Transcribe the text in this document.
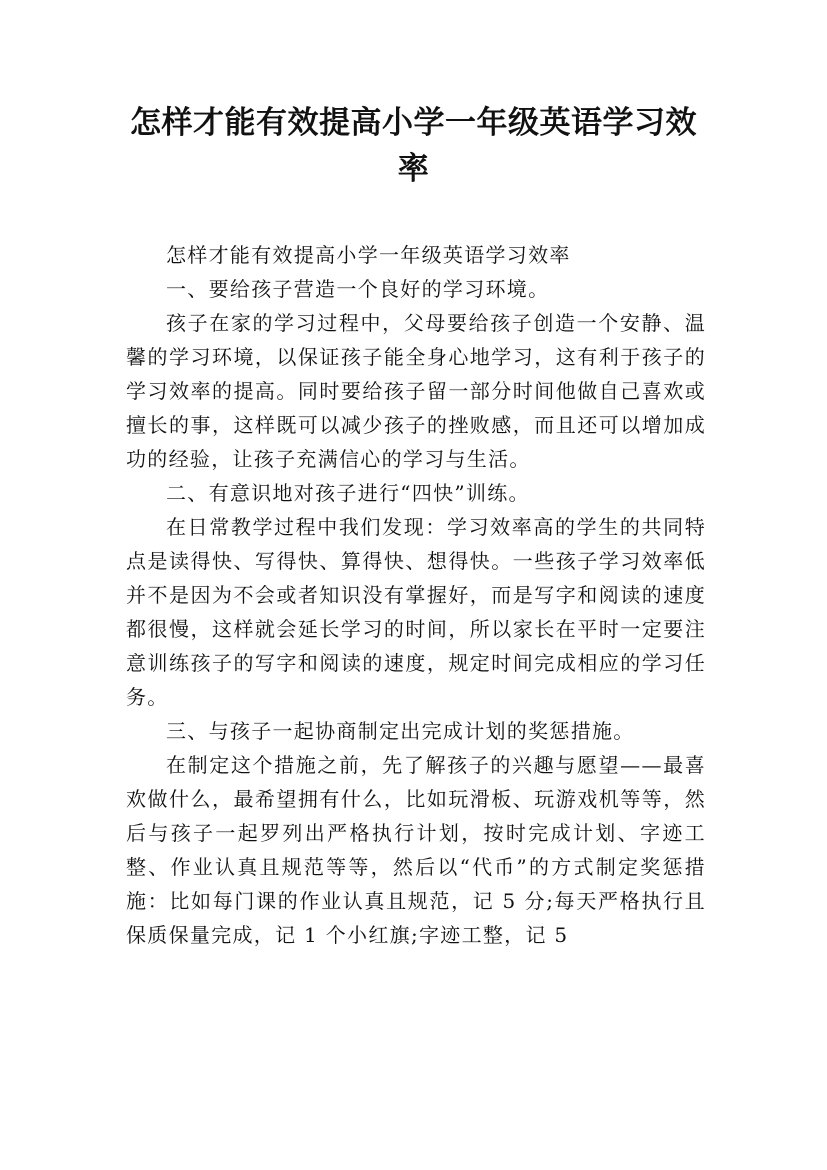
怎样才能有效提高小学一年级英语学习效率

怎样才能有效提高小学一年级英语学习效率

一、要给孩子营造一个良好的学习环境。

孩子在家的学习过程中，父母要给孩子创造一个安静、温馨的学习环境，以保证孩子能全身心地学习，这有利于孩子的学习效率的提高。同时要给孩子留一部分时间他做自己喜欢或擅长的事，这样既可以减少孩子的挫败感，而且还可以增加成功的经验，让孩子充满信心的学习与生活。

二、有意识地对孩子进行“四快”训练。

在日常教学过程中我们发现：学习效率高的学生的共同特点是读得快、写得快、算得快、想得快。一些孩子学习效率低并不是因为不会或者知识没有掌握好，而是写字和阅读的速度都很慢，这样就会延长学习的时间，所以家长在平时一定要注意训练孩子的写字和阅读的速度，规定时间完成相应的学习任务。

三、与孩子一起协商制定出完成计划的奖惩措施。

在制定这个措施之前，先了解孩子的兴趣与愿望——最喜欢做什么，最希望拥有什么，比如玩滑板、玩游戏机等等，然后与孩子一起罗列出严格执行计划，按时完成计划、字迹工整、作业认真且规范等等，然后以“代币”的方式制定奖惩措施：比如每门课的作业认真且规范，记 5 分;每天严格执行且保质保量完成，记 1 个小红旗;字迹工整，记 5
